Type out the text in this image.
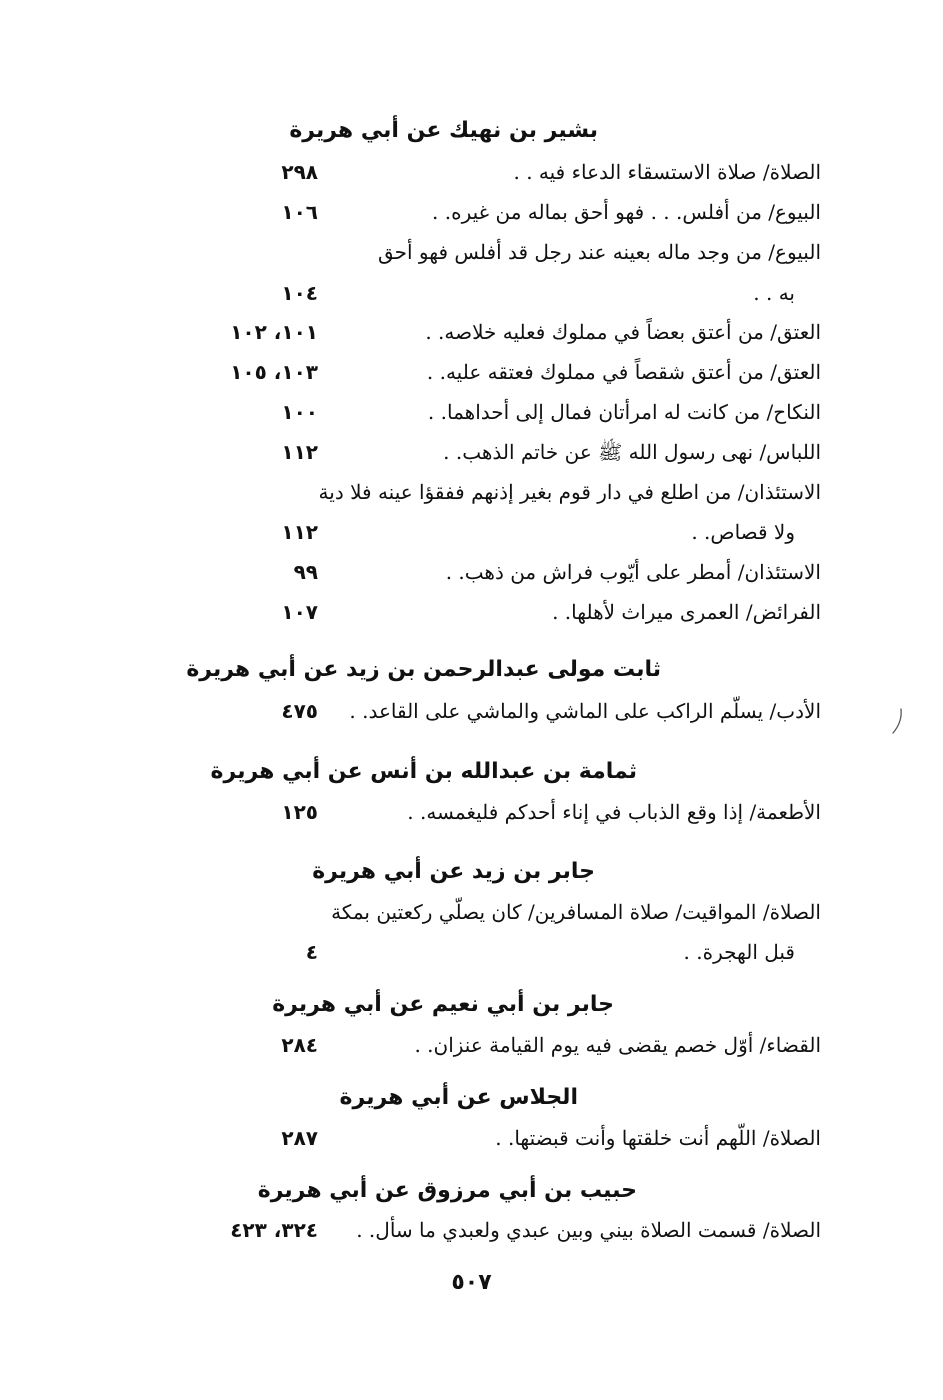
بشير بن نهيك عن أبي هريرة
الصلاة/ صلاة الاستسقاء الدعاء فيه . .
٢٩٨
البيوع/ من أفلس. . . فهو أحق بماله من غيره. .
١٠٦
البيوع/ من وجد ماله بعينه عند رجل قد أفلس فهو أحق
به . .
١٠٤
العتق/ من أعتق بعضاً في مملوك فعليه خلاصه. .
١٠١، ١٠٢
العتق/ من أعتق شقصاً في مملوك فعتقه عليه. .
١٠٣، ١٠٥
النكاح/ من كانت له امرأتان فمال إلى أحداهما. .
١٠٠
اللباس/ نهى رسول الله ﷺ عن خاتم الذهب. .
١١٢
الاستئذان/ من اطلع في دار قوم بغير إذنهم ففقؤا عينه فلا دية
ولا قصاص. .
١١٢
الاستئذان/ أمطر على أيّوب فراش من ذهب. .
٩٩
الفرائض/ العمرى ميراث لأهلها. .
١٠٧
ثابت مولى عبدالرحمن بن زيد عن أبي هريرة
الأدب/ يسلّم الراكب على الماشي والماشي على القاعد. .
٤٧٥
ثمامة بن عبدالله بن أنس عن أبي هريرة
الأطعمة/ إذا وقع الذباب في إناء أحدكم فليغمسه. .
١٢٥
جابر بن زيد عن أبي هريرة
الصلاة/ المواقيت/ صلاة المسافرين/ كان يصلّي ركعتين بمكة
قبل الهجرة. .
٤
جابر بن أبي نعيم عن أبي هريرة
القضاء/ أوّل خصم يقضى فيه يوم القيامة عنزان. .
٢٨٤
الجلاس عن أبي هريرة
الصلاة/ اللّهم أنت خلقتها وأنت قبضتها. .
٢٨٧
حبيب بن أبي مرزوق عن أبي هريرة
الصلاة/ قسمت الصلاة بيني وبين عبدي ولعبدي ما سأل. .
٣٢٤، ٤٢٣
٥٠٧
